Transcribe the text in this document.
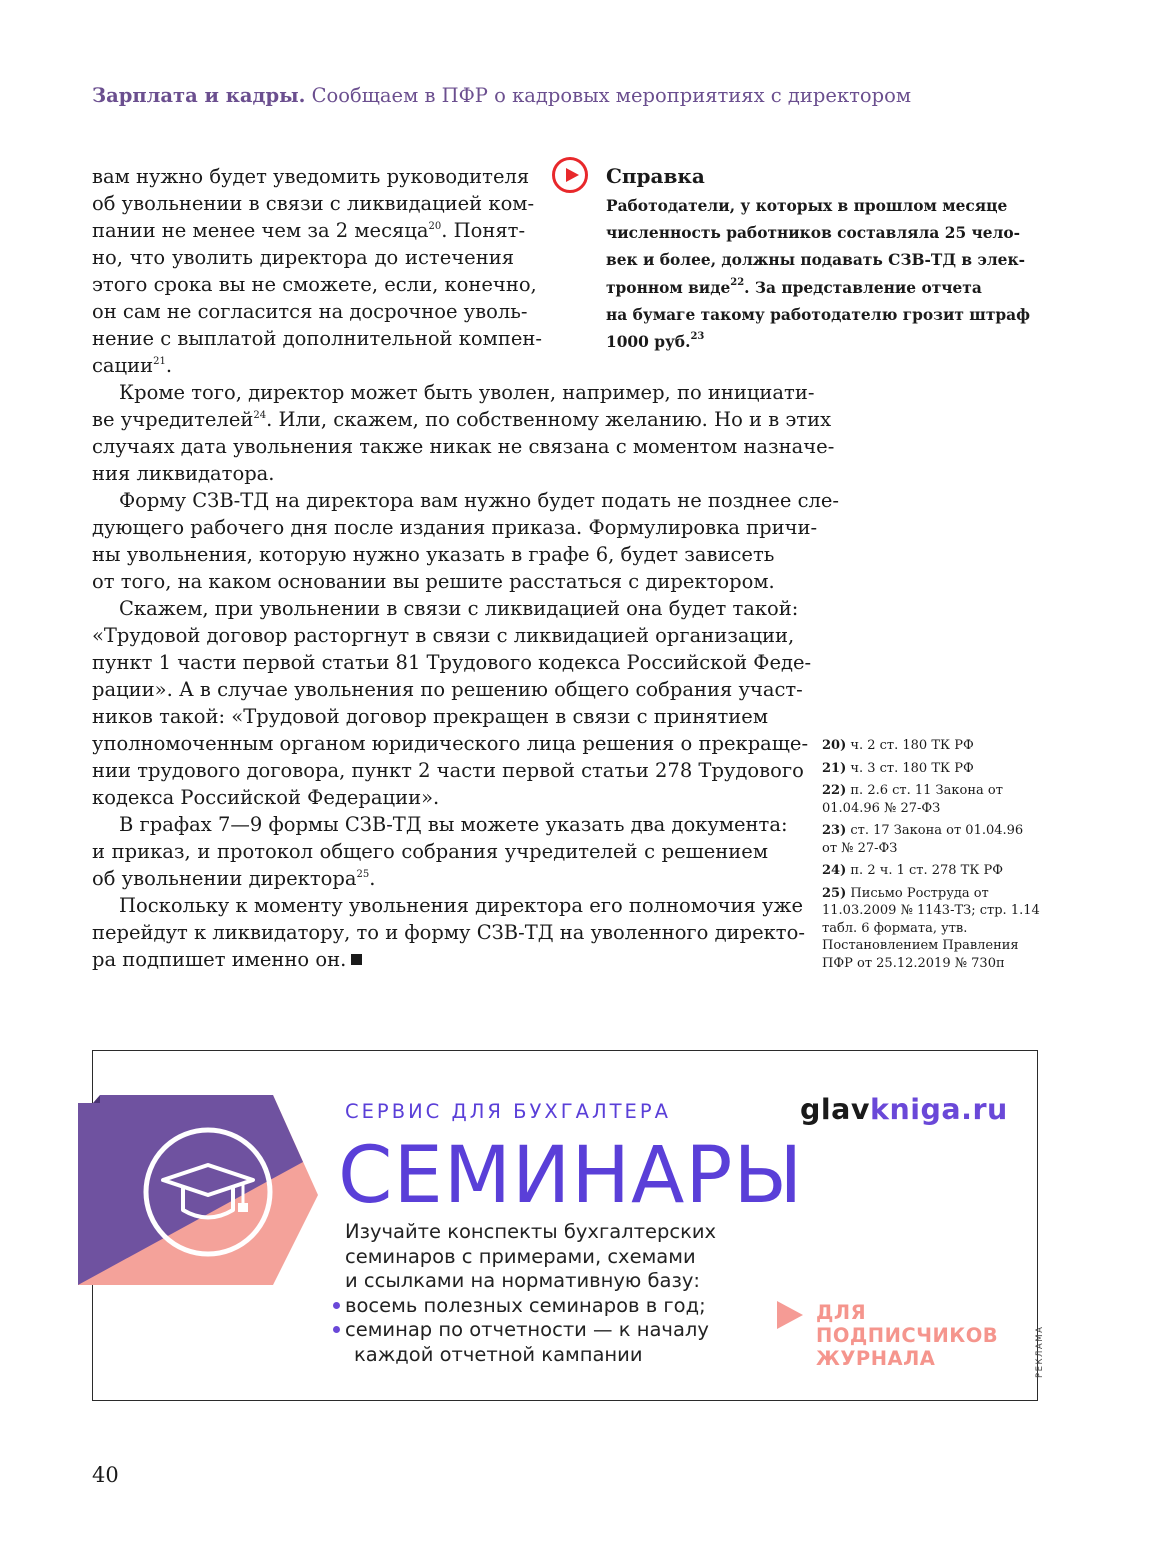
Зарплата и кадры. Сообщаем в ПФР о кадровых мероприятиях с директором
вам нужно будет уведомить руководителя
об увольнении в связи с ликвидацией ком-
пании не менее чем за 2 месяца$^{20}$. Понят-
но, что уволить директора до истечения
этого срока вы не сможете, если, конечно,
он сам не согласится на досрочное уволь-
нение с выплатой дополнительной компен-
сации$^{21}$.
Кроме того, директор может быть уволен, например, по инициати-
ве учредителей$^{24}$. Или, скажем, по собственному желанию. Но и в этих
случаях дата увольнения также никак не связана с моментом назначе-
ния ликвидатора.
Форму СЗВ-ТД на директора вам нужно будет подать не позднее сле-
дующего рабочего дня после издания приказа. Формулировка причи-
ны увольнения, которую нужно указать в графе 6, будет зависеть
от того, на каком основании вы решите расстаться с директором.
Скажем, при увольнении в связи с ликвидацией она будет такой:
«Трудовой договор расторгнут в связи с ликвидацией организации,
пункт 1 части первой статьи 81 Трудового кодекса Российской Феде-
рации». А в случае увольнения по решению общего собрания участ-
ников такой: «Трудовой договор прекращен в связи с принятием
уполномоченным органом юридического лица решения о прекраще-
нии трудового договора, пункт 2 части первой статьи 278 Трудового
кодекса Российской Федерации».
В графах 7—9 формы СЗВ-ТД вы можете указать два документа:
и приказ, и протокол общего собрания учредителей с решением
об увольнении директора$^{25}$.
Поскольку к моменту увольнения директора его полномочия уже
перейдут к ликвидатору, то и форму СЗВ-ТД на уволенного директо-
ра подпишет именно он.
Справка
Работодатели, у которых в прошлом месяце
численность работников составляла 25 чело-
век и более, должны подавать СЗВ-ТД в элек-
тронном виде$^{22}$. За представление отчета
на бумаге такому работодателю грозит штраф
1000 руб.$^{23}$
20) ч. 2 ст. 180 ТК РФ
21) ч. 3 ст. 180 ТК РФ
22) п. 2.6 ст. 11 Закона от 01.04.96 № 27-ФЗ
23) ст. 17 Закона от 01.04.96 от № 27-ФЗ
24) п. 2 ч. 1 ст. 278 ТК РФ
25) Письмо Роструда от 11.03.2009 № 1143-ТЗ; стр. 1.14 табл. 6 формата, утв. Постановлением Правления ПФР от 25.12.2019 № 730п
СЕРВИС ДЛЯ БУХГАЛТЕРА
СЕМИНАРЫ
glavkniga.ru
Изучайте конспекты бухгалтерских
семинаров с примерами, схемами
и ссылками на нормативную базу:
восемь полезных семинаров в год;
семинар по отчетности — к началу
каждой отчетной кампании
ДЛЯ
ПОДПИСЧИКОВ
ЖУРНАЛА	РЕКЛАМА
40
